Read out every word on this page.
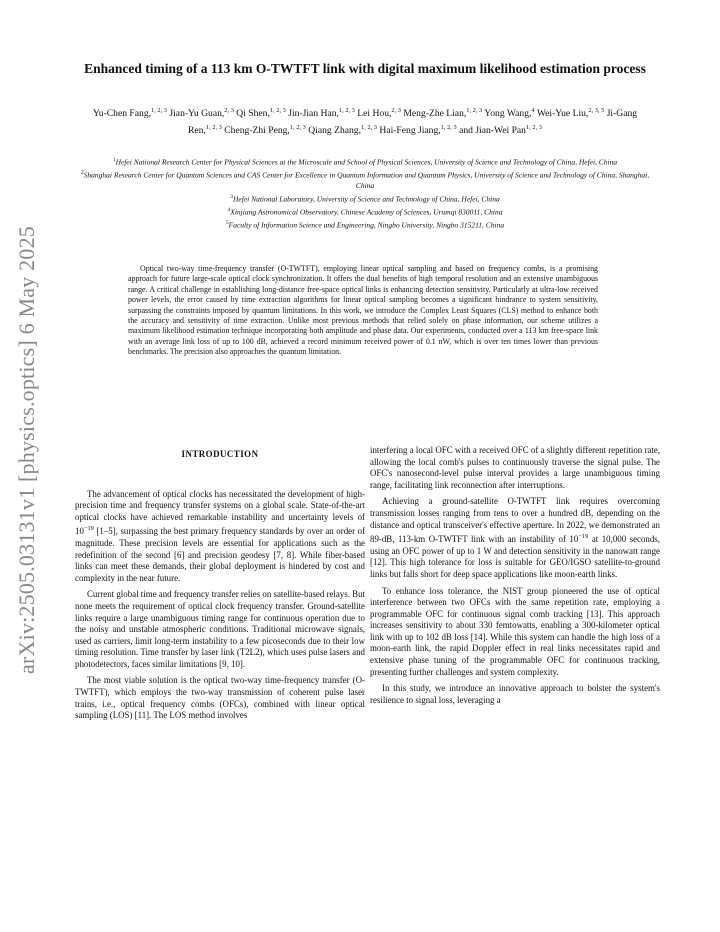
arXiv:2505.03131v1 [physics.optics] 6 May 2025
Enhanced timing of a 113 km O-TWTFT link with digital maximum likelihood estimation process
Yu-Chen Fang,$^{1, 2, 3}$ Jian-Yu Guan,$^{2, 3}$ Qi Shen,$^{1, 2, 3}$ Jin-Jian Han,$^{1, 2, 3}$ Lei Hou,$^{2, 3}$ Meng-Zhe Lian,$^{1, 2, 3}$ Yong Wang,$^4$ Wei-Yue Liu,$^{2, 3, 5}$ Ji-Gang Ren,$^{1, 2, 3}$ Cheng-Zhi Peng,$^{1, 2, 3}$ Qiang Zhang,$^{1, 2, 3}$ Hai-Feng Jiang,$^{1, 2, 3}$ and Jian-Wei Pan$^{1, 2, 3}$
$^1$Hefei National Research Center for Physical Sciences at the Microscale and School of Physical Sciences, University of Science and Technology of China, Hefei, China
$^2$Shanghai Research Center for Quantum Sciences and CAS Center for Excellence in Quantum Information and Quantum Physics, University of Science and Technology of China, Shanghai, China
$^3$Hefei National Laboratory, University of Science and Technology of China, Hefei, China
$^4$Xinjiang Astronomical Observatory, Chinese Academy of Sciences, Urumqi 830011, China
$^5$Faculty of Information Science and Engineering, Ningbo University, Ningbo 315211, China
Optical two-way time-frequency transfer (O-TWTFT), employing linear optical sampling and based on frequency combs, is a promising approach for future large-scale optical clock synchronization. It offers the dual benefits of high temporal resolution and an extensive unambiguous range. A critical challenge in establishing long-distance free-space optical links is enhancing detection sensitivity. Particularly at ultra-low received power levels, the error caused by time extraction algorithms for linear optical sampling becomes a significant hindrance to system sensitivity, surpassing the constraints imposed by quantum limitations. In this work, we introduce the Complex Least Squares (CLS) method to enhance both the accuracy and sensitivity of time extraction. Unlike most previous methods that relied solely on phase information, our scheme utilizes a maximum likelihood estimation technique incorporating both amplitude and phase data. Our experiments, conducted over a 113 km free-space link with an average link loss of up to 100 dB, achieved a record minimum received power of 0.1 nW, which is over ten times lower than previous benchmarks. The precision also approaches the quantum limitation.
INTRODUCTION

The advancement of optical clocks has necessitated the development of high-precision time and frequency transfer systems on a global scale. State-of-the-art optical clocks have achieved remarkable instability and uncertainty levels of $10^{-19}$ [1–5], surpassing the best primary frequency standards by over an order of magnitude. These precision levels are essential for applications such as the redefinition of the second [6] and precision geodesy [7, 8]. While fiber-based links can meet these demands, their global deployment is hindered by cost and complexity in the near future.

Current global time and frequency transfer relies on satellite-based relays. But none meets the requirement of optical clock frequency transfer. Ground-satellite links require a large unambiguous timing range for continuous operation due to the noisy and unstable atmospheric conditions. Traditional microwave signals, used as carriers, limit long-term instability to a few picoseconds due to their low timing resolution. Time transfer by laser link (T2L2), which uses pulse lasers and photodetectors, faces similar limitations [9, 10].

The most viable solution is the optical two-way time-frequency transfer (O-TWTFT), which employs the two-way transmission of coherent pulse laser trains, i.e., optical frequency combs (OFCs), combined with linear optical sampling (LOS) [11]. The LOS method involves

interfering a local OFC with a received OFC of a slightly different repetition rate, allowing the local comb's pulses to continuously traverse the signal pulse. The OFC's nanosecond-level pulse interval provides a large unambiguous timing range, facilitating link reconnection after interruptions.

Achieving a ground-satellite O-TWTFT link requires overcoming transmission losses ranging from tens to over a hundred dB, depending on the distance and optical transceiver's effective aperture. In 2022, we demonstrated an 89-dB, 113-km O-TWTFT link with an instability of $10^{-19}$ at 10,000 seconds, using an OFC power of up to 1 W and detection sensitivity in the nanowatt range [12]. This high tolerance for loss is suitable for GEO/IGSO satellite-to-ground links but falls short for deep space applications like moon-earth links.

To enhance loss tolerance, the NIST group pioneered the use of optical interference between two OFCs with the same repetition rate, employing a programmable OFC for continuous signal comb tracking [13]. This approach increases sensitivity to about 330 femtowatts, enabling a 300-kilometer optical link with up to 102 dB loss [14]. While this system can handle the high loss of a moon-earth link, the rapid Doppler effect in real links necessitates rapid and extensive phase tuning of the programmable OFC for continuous tracking, presenting further challenges and system complexity.

In this study, we introduce an innovative approach to bolster the system's resilience to signal loss, leveraging a
